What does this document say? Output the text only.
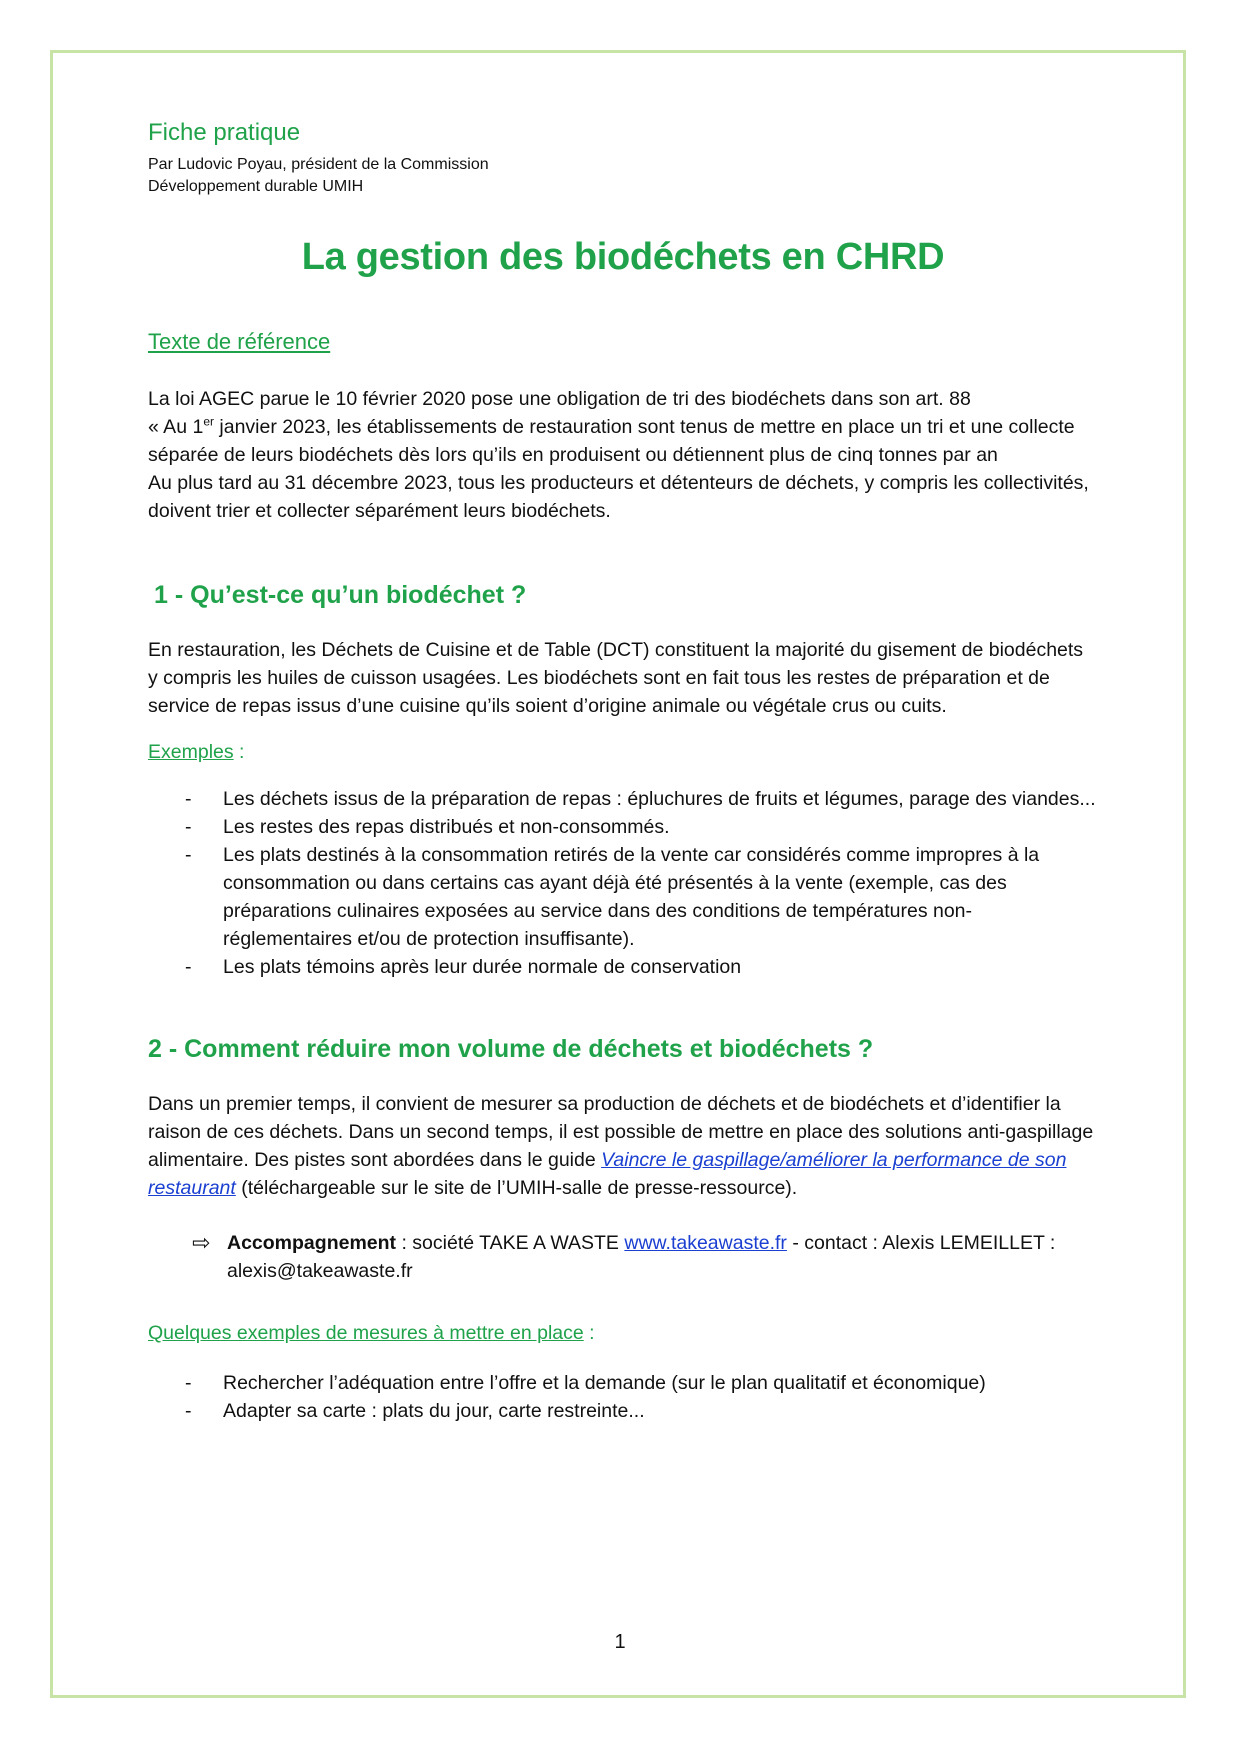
Fiche pratique

Par Ludovic Poyau, président de la Commission
Développement durable UMIH

La gestion des biodéchets en CHRD

Texte de référence

La loi AGEC parue le 10 février 2020 pose une obligation de tri des biodéchets dans son art. 88

« Au 1er janvier 2023, les établissements de restauration sont tenus de mettre en place un tri et une collecte séparée de leurs biodéchets dès lors qu’ils en produisent ou détiennent plus de cinq tonnes par an

Au plus tard au 31 décembre 2023, tous les producteurs et détenteurs de déchets, y compris les collectivités, doivent trier et collecter séparément leurs biodéchets.

1 - Qu’est-ce qu’un biodéchet ?

En restauration, les Déchets de Cuisine et de Table (DCT) constituent la majorité du gisement de biodéchets y compris les huiles de cuisson usagées. Les biodéchets sont en fait tous les restes de préparation et de service de repas issus d’une cuisine qu’ils soient d’origine animale ou végétale crus ou cuits.

Exemples :

- Les déchets issus de la préparation de repas : épluchures de fruits et légumes, parage des viandes...
- Les restes des repas distribués et non-consommés.
- Les plats destinés à la consommation retirés de la vente car considérés comme impropres à la consommation ou dans certains cas ayant déjà été présentés à la vente (exemple, cas des préparations culinaires exposées au service dans des conditions de températures non-réglementaires et/ou de protection insuffisante).
- Les plats témoins après leur durée normale de conservation
2 - Comment réduire mon volume de déchets et biodéchets ?

Dans un premier temps, il convient de mesurer sa production de déchets et de biodéchets et d’identifier la raison de ces déchets. Dans un second temps, il est possible de mettre en place des solutions anti-gaspillage alimentaire. Des pistes sont abordées dans le guide Vaincre le gaspillage/améliorer la performance de son restaurant (téléchargeable sur le site de l’UMIH-salle de presse-ressource).

⇨ Accompagnement : société TAKE A WASTE www.takeawaste.fr - contact : Alexis LEMEILLET : alexis@takeawaste.fr

Quelques exemples de mesures à mettre en place :

- Rechercher l’adéquation entre l’offre et la demande (sur le plan qualitatif et économique)
- Adapter sa carte : plats du jour, carte restreinte...
1
